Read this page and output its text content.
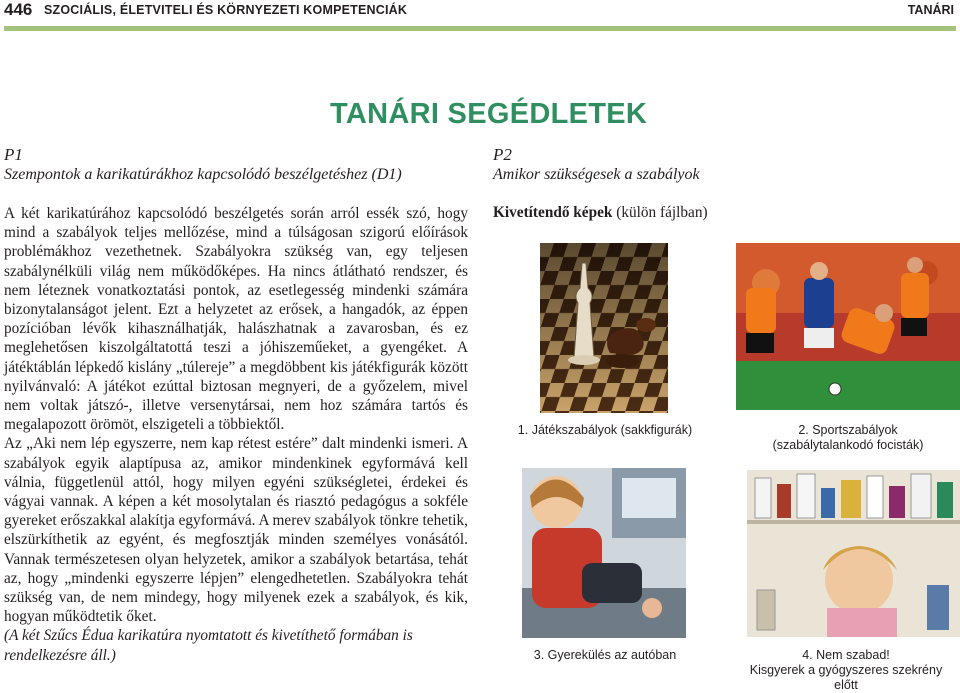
446 SZOCIÁLIS, ÉLETVITELI ÉS KÖRNYEZETI KOMPETENCIÁK	TANÁRI
TANÁRI SEGÉDLETEK
P1
Szempontok a karikatúrákhoz kapcsolódó beszélgetéshez (D1)

A két karikatúrához kapcsolódó beszélgetés során arról essék szó, hogy mind a szabályok teljes mellőzése, mind a túlságosan szigorú előírások problémákhoz vezethetnek. Szabályokra szükség van, egy teljesen szabálynélküli világ nem működőképes. Ha nincs átlátható rendszer, és nem léteznek vonatkoztatási pontok, az esetlegesség mindenki számára bizonytalanságot jelent. Ezt a helyzetet az erősek, a hangadók, az éppen pozícióban lévők kihasználhatják, halászhatnak a zavarosban, és ez meglehetősen kiszolgáltatottá teszi a jóhiszeműeket, a gyengéket. A játéktáblán lépkedő kislány „túlereje” a megdöbbent kis játékfigurák között nyilvánvaló: A játékot ezúttal biztosan megnyeri, de a győzelem, mivel nem voltak játszó-, illetve versenytársai, nem hoz számára tartós és megalapozott örömöt, elszigeteli a többiektől.

Az „Aki nem lép egyszerre, nem kap rétest estére” dalt mindenki ismeri. A szabályok egyik alaptípusa az, amikor mindenkinek egyformává kell válnia, függetlenül attól, hogy milyen egyéni szükségletei, érdekei és vágyai vannak. A képen a két mosolytalan és riasztó pedagógus a sokféle gyereket erőszakkal alakítja egyformává. A merev szabályok tönkre tehetik, elszürkíthetik az egyént, és megfosztják minden személyes vonásától. Vannak természetesen olyan helyzetek, amikor a szabályok betartása, tehát az, hogy „mindenki egyszerre lépjen” elengedhetetlen. Szabályokra tehát szükség van, de nem mindegy, hogy milyenek ezek a szabályok, és kik, hogyan működtetik őket.

(A két Szűcs Édua karikatúra nyomtatott és kivetíthető formában is rendelkezésre áll.)

P2
Amikor szükségesek a szabályok
Kivetítendő képek (külön fájlban)
1. Játékszabályok (sakkfigurák)	2. Sportszabályok
(szabálytalankodó focisták)
3. Gyerekülés az autóban	4. Nem szabad!
Kisgyerek a gyógyszeres szekrény
előtt
